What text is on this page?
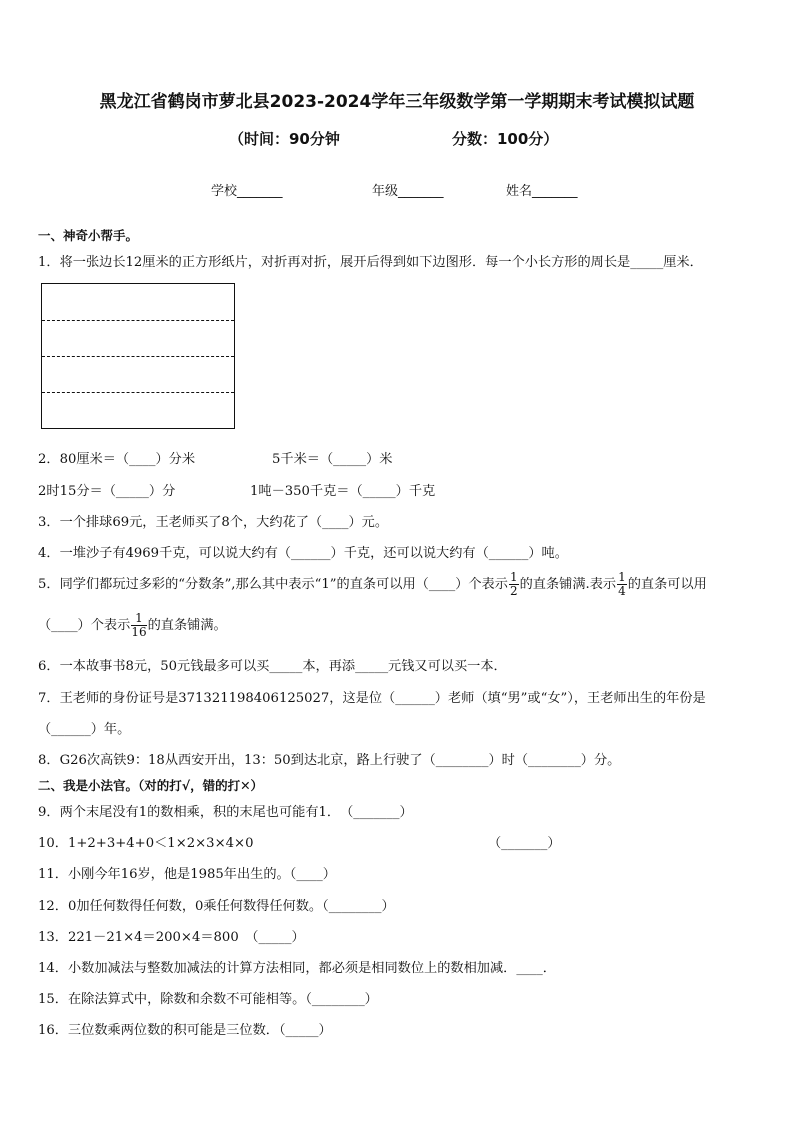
黑龙江省鹤岗市萝北县2023-2024学年三年级数学第一学期期末考试模拟试题
（时间：90分钟	分数：100分）
学校_______	年级_______	姓名_______
一、神奇小帮手。
1．将一张边长12厘米的正方形纸片，对折再对折，展开后得到如下边图形．每一个小长方形的周长是_____厘米．
2．80厘米＝（____）分米	5千米＝（_____）米
2时15分＝（_____）分	1吨－350千克＝（_____）千克
3．一个排球69元，王老师买了8个，大约花了（____）元。
4．一堆沙子有4969千克，可以说大约有（______）千克，还可以说大约有（______）吨。
5．同学们都玩过多彩的“分数条”,那么其中表示“1”的直条可以用（____）个表示 $\frac{1}{2}$ 的直条铺满.表示 $\frac{1}{4}$ 的直条可以用
（____）个表示 $\frac{1}{16}$ 的直条铺满。
6．一本故事书8元，50元钱最多可以买_____本，再添_____元钱又可以买一本．
7．王老师的身份证号是371321198406125027，这是位（______）老师（填“男”或“女”），王老师出生的年份是
（______）年。
8．G26次高铁9：18从西安开出，13：50到达北京，路上行驶了（________）时（________）分。
二、我是小法官。（对的打√，错的打✕）
9．两个末尾没有1的数相乘，积的末尾也可能有1．　（_______）
10．1+2+3+4+0＜1×2×3×4×0	（_______）
11．小刚今年16岁，他是1985年出生的。（____）
12．0加任何数得任何数，0乘任何数得任何数。（________）
13．221－21×4＝200×4＝800　（_____）
14．小数加减法与整数加减法的计算方法相同，都必须是相同数位上的数相加减．____．
15．在除法算式中，除数和余数不可能相等。（________）
16．三位数乘两位数的积可能是三位数．（_____）
